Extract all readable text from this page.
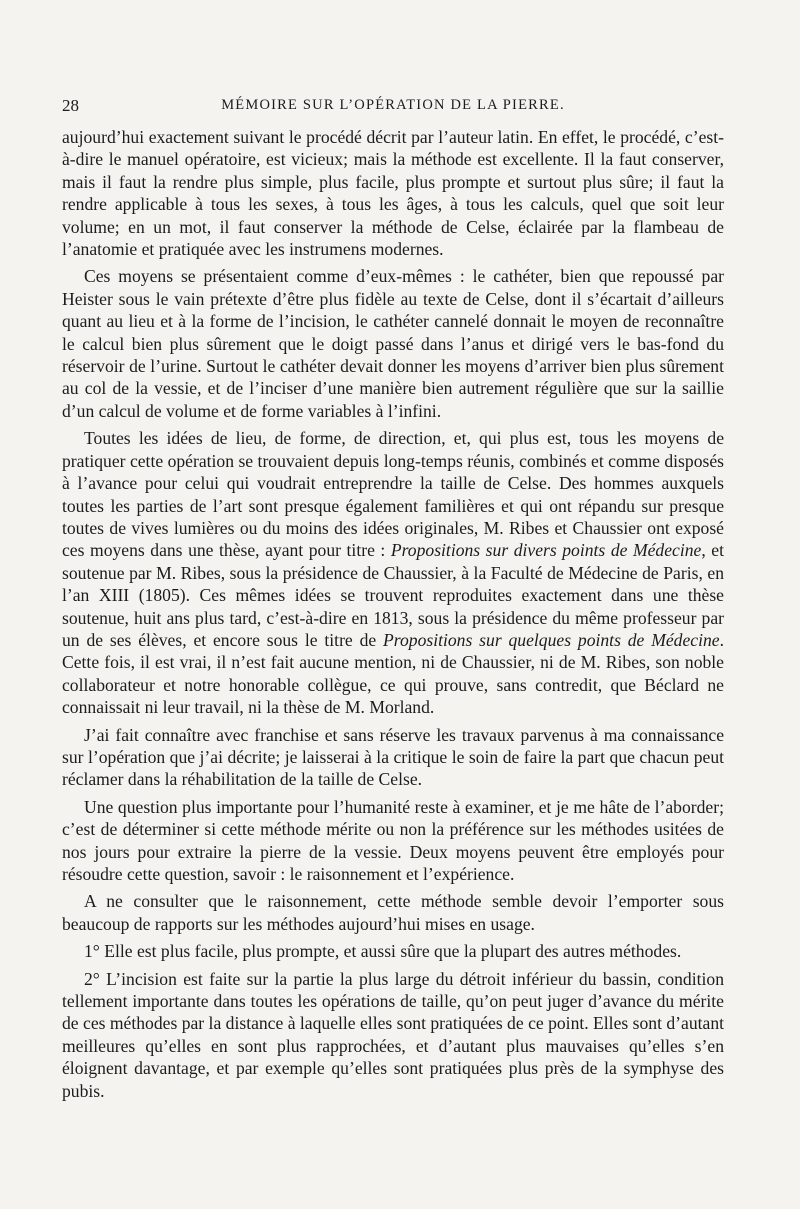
28	MÉMOIRE SUR L’OPÉRATION DE LA PIERRE.

aujourd’hui exactement suivant le procédé décrit par l’auteur latin. En effet, le procédé, c’est-à-dire le manuel opératoire, est vicieux; mais la méthode est excellente. Il la faut conserver, mais il faut la rendre plus simple, plus facile, plus prompte et surtout plus sûre; il faut la rendre applicable à tous les sexes, à tous les âges, à tous les calculs, quel que soit leur volume; en un mot, il faut conserver la méthode de Celse, éclairée par la flambeau de l’anatomie et pratiquée avec les instrumens modernes.

Ces moyens se présentaient comme d’eux-mêmes : le cathéter, bien que repoussé par Heister sous le vain prétexte d’être plus fidèle au texte de Celse, dont il s’écartait d’ailleurs quant au lieu et à la forme de l’incision, le cathéter cannelé donnait le moyen de reconnaître le calcul bien plus sûrement que le doigt passé dans l’anus et dirigé vers le bas-fond du réservoir de l’urine. Surtout le cathéter devait donner les moyens d’arriver bien plus sûrement au col de la vessie, et de l’inciser d’une manière bien autrement régulière que sur la saillie d’un calcul de volume et de forme variables à l’infini.

Toutes les idées de lieu, de forme, de direction, et, qui plus est, tous les moyens de pratiquer cette opération se trouvaient depuis long-temps réunis, combinés et comme disposés à l’avance pour celui qui voudrait entreprendre la taille de Celse. Des hommes auxquels toutes les parties de l’art sont presque également familières et qui ont répandu sur presque toutes de vives lumières ou du moins des idées originales, M. Ribes et Chaussier ont exposé ces moyens dans une thèse, ayant pour titre : Propositions sur divers points de Médecine, et soutenue par M. Ribes, sous la présidence de Chaussier, à la Faculté de Médecine de Paris, en l’an XIII (1805). Ces mêmes idées se trouvent reproduites exactement dans une thèse soutenue, huit ans plus tard, c’est-à-dire en 1813, sous la présidence du même professeur par un de ses élèves, et encore sous le titre de Propositions sur quelques points de Médecine. Cette fois, il est vrai, il n’est fait aucune mention, ni de Chaussier, ni de M. Ribes, son noble collaborateur et notre honorable collègue, ce qui prouve, sans contredit, que Béclard ne connaissait ni leur travail, ni la thèse de M. Morland.

J’ai fait connaître avec franchise et sans réserve les travaux parvenus à ma connaissance sur l’opération que j’ai décrite; je laisserai à la critique le soin de faire la part que chacun peut réclamer dans la réhabilitation de la taille de Celse.

Une question plus importante pour l’humanité reste à examiner, et je me hâte de l’aborder; c’est de déterminer si cette méthode mérite ou non la préférence sur les méthodes usitées de nos jours pour extraire la pierre de la vessie. Deux moyens peuvent être employés pour résoudre cette question, savoir : le raisonnement et l’expérience.

A ne consulter que le raisonnement, cette méthode semble devoir l’emporter sous beaucoup de rapports sur les méthodes aujourd’hui mises en usage.

1° Elle est plus facile, plus prompte, et aussi sûre que la plupart des autres méthodes.

2° L’incision est faite sur la partie la plus large du détroit inférieur du bassin, condition tellement importante dans toutes les opérations de taille, qu’on peut juger d’avance du mérite de ces méthodes par la distance à laquelle elles sont pratiquées de ce point. Elles sont d’autant meilleures qu’elles en sont plus rapprochées, et d’autant plus mauvaises qu’elles s’en éloignent davantage, et par exemple qu’elles sont pratiquées plus près de la symphyse des pubis.
